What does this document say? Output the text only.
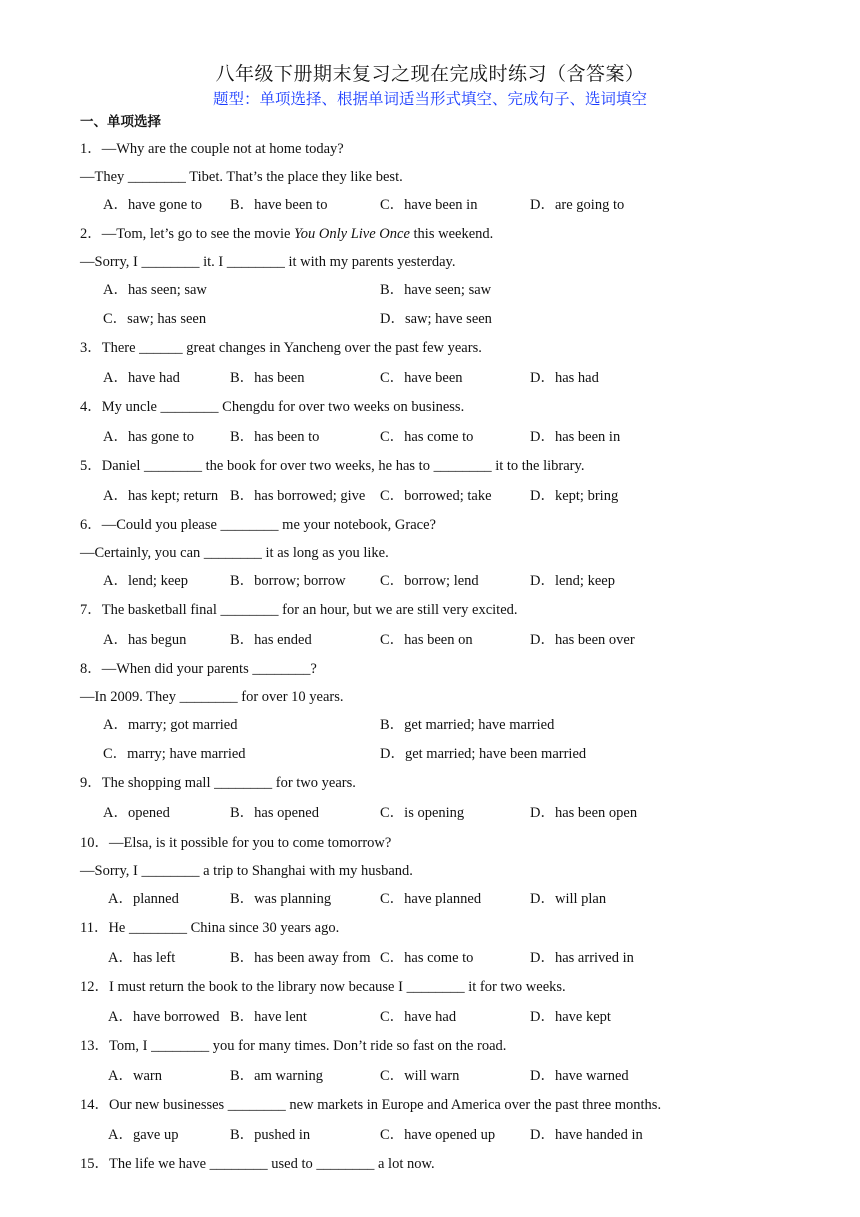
八年级下册期末复习之现在完成时练习（含答案）
题型：单项选择、根据单词适当形式填空、完成句子、选词填空
一、单项选择
1．—Why are the couple not at home today?
—They ________ Tibet. That’s the place they like best.
A．have gone to B．have been to	C．have been in	D．are going to
2．—Tom, let’s go to see the movie You Only Live Once this weekend.
—Sorry, I ________ it. I ________ it with my parents yesterday.
A．has seen; saw	B．have seen; saw
C．saw; has seen	D．saw; have seen
3．There ______ great changes in Yancheng over the past few years.
A．have had	B．has been	C．have been	D．has had
4．My uncle ________ Chengdu for over two weeks on business.
A．has gone to B．has been to	C．has come to	D．has been in
5．Daniel ________ the book for over two weeks, he has to ________ it to the library.
A．has kept; return B．has borrowed; give C．borrowed; take	D．kept; bring
6．—Could you please ________ me your notebook, Grace?
—Certainly, you can ________ it as long as you like.
A．lend; keep	B．borrow; borrow C．borrow; lend	D．lend; keep
7．The basketball final ________ for an hour, but we are still very excited.
A．has begun	B．has ended	C．has been on	D．has been over
8．—When did your parents ________?
—In 2009. They ________ for over 10 years.
A．marry; got married	B．get married; have married
C．marry; have married	D．get married; have been married
9．The shopping mall ________ for two years.
A．opened	B．has opened	C．is opening	D．has been open
10．—Elsa, is it possible for you to come tomorrow?
—Sorry, I ________ a trip to Shanghai with my husband.
A．planned	B．was planning	C．have planned	D．will plan
11．He ________ China since 30 years ago.
A．has left	B．has been away from C．has come to	D．has arrived in
12．I must return the book to the library now because I ________ it for two weeks.
A．have borrowed B．have lent	C．have had	D．have kept
13．Tom, I ________ you for many times. Don’t ride so fast on the road.
A．warn	B．am warning	C．will warn	D．have warned
14．Our new businesses ________ new markets in Europe and America over the past three months.
A．gave up	B．pushed in	C．have opened up D．have handed in
15．The life we have ________ used to ________ a lot now.
